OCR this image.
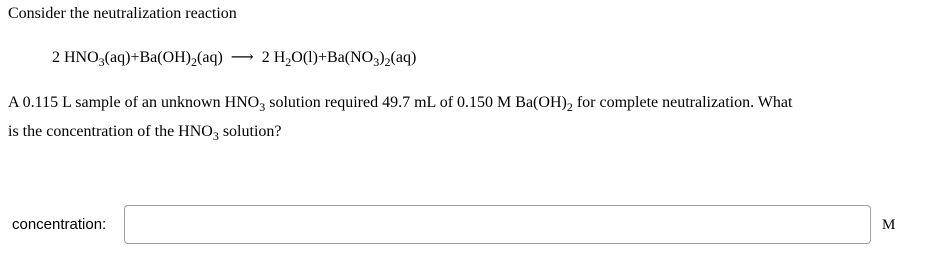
Consider the neutralization reaction
2 $HNO_3(aq)+Ba(OH)_2(aq)$ ⟶ 2 $H_2O(l)+Ba(NO_3)_2(aq)$
A 0.115 L sample of an unknown $HNO_3$ solution required 49.7 mL of 0.150 M $Ba(OH)_2$ for complete neutralization. What
is the concentration of the $HNO_3$ solution?
concentration:	M
